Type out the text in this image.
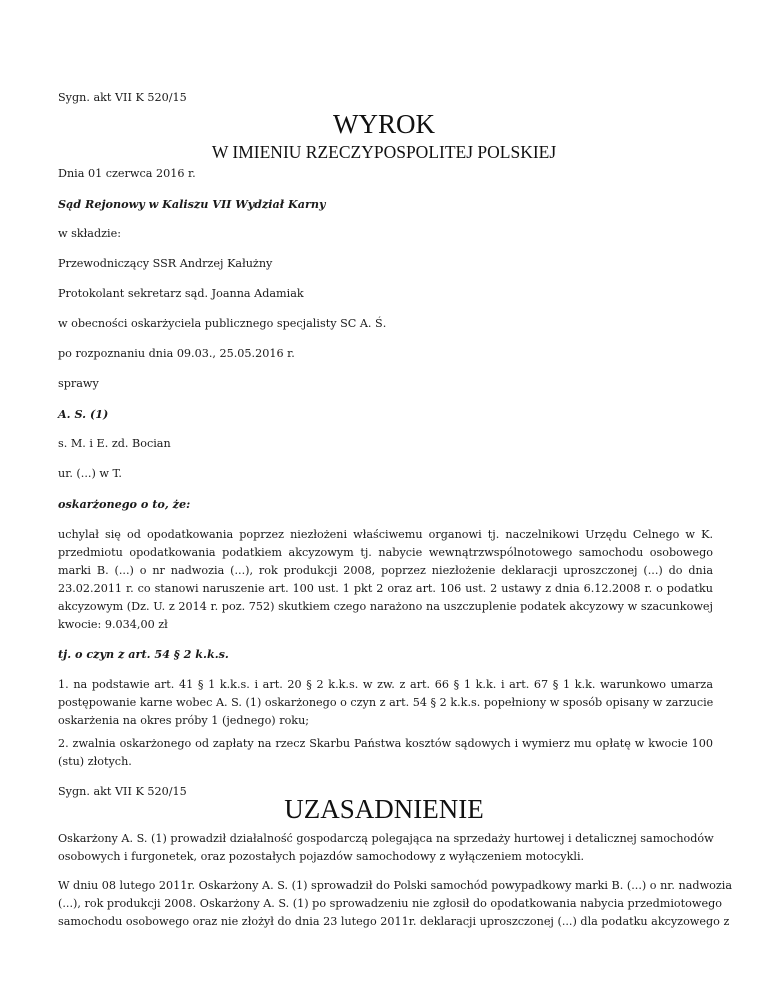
Sygn. akt VII K 520/15
WYROK
W IMIENIU RZECZYPOSPOLITEJ POLSKIEJ
Dnia 01 czerwca 2016 r.
Sąd Rejonowy w Kaliszu VII Wydział Karny
w składzie:
Przewodniczący SSR Andrzej Kałużny
Protokolant sekretarz sąd. Joanna Adamiak
w obecności oskarżyciela publicznego specjalisty SC A. Ś.
po rozpoznaniu dnia 09.03., 25.05.2016 r.
sprawy
A. S. (1)
s. M. i E. zd. Bocian
ur. (...) w T.
oskarżonego o to, że:
uchylał się od opodatkowania poprzez niezłożeni właściwemu organowi tj. naczelnikowi Urzędu Celnego w K.
przedmiotu opodatkowania podatkiem akcyzowym tj. nabycie wewnątrzwspólnotowego samochodu osobowego
marki B. (...) o nr nadwozia (...), rok produkcji 2008, poprzez niezłożenie deklaracji uproszczonej (...) do dnia
23.02.2011 r. co stanowi naruszenie art. 100 ust. 1 pkt 2 oraz art. 106 ust. 2 ustawy z dnia 6.12.2008 r. o podatku
akcyzowym (Dz. U. z 2014 r. poz. 752) skutkiem czego narażono na uszczuplenie podatek akcyzowy w szacunkowej
kwocie: 9.034,00 zł
tj. o czyn z art. 54 § 2 k.k.s.
1. na podstawie art. 41 § 1 k.k.s. i art. 20 § 2 k.k.s. w zw. z art. 66 § 1 k.k. i art. 67 § 1 k.k. warunkowo umarza
postępowanie karne wobec A. S. (1) oskarżonego o czyn z art. 54 § 2 k.k.s. popełniony w sposób opisany w zarzucie
oskarżenia na okres próby 1 (jednego) roku;
2. zwalnia oskarżonego od zapłaty na rzecz Skarbu Państwa kosztów sądowych i wymierz mu opłatę w kwocie 100
(stu) złotych.
Sygn. akt VII K 520/15
UZASADNIENIE
Oskarżony A. S. (1) prowadził działalność gospodarczą polegająca na sprzedaży hurtowej i detalicznej samochodów
osobowych i furgonetek, oraz pozostałych pojazdów samochodowy z wyłączeniem motocykli.
W dniu 08 lutego 2011r. Oskarżony A. S. (1) sprowadził do Polski samochód powypadkowy marki B. (...) o nr. nadwozia
(...), rok produkcji 2008. Oskarżony A. S. (1) po sprowadzeniu nie zgłosił do opodatkowania nabycia przedmiotowego
samochodu osobowego oraz nie złożył do dnia 23 lutego 2011r. deklaracji uproszczonej (...) dla podatku akcyzowego z
